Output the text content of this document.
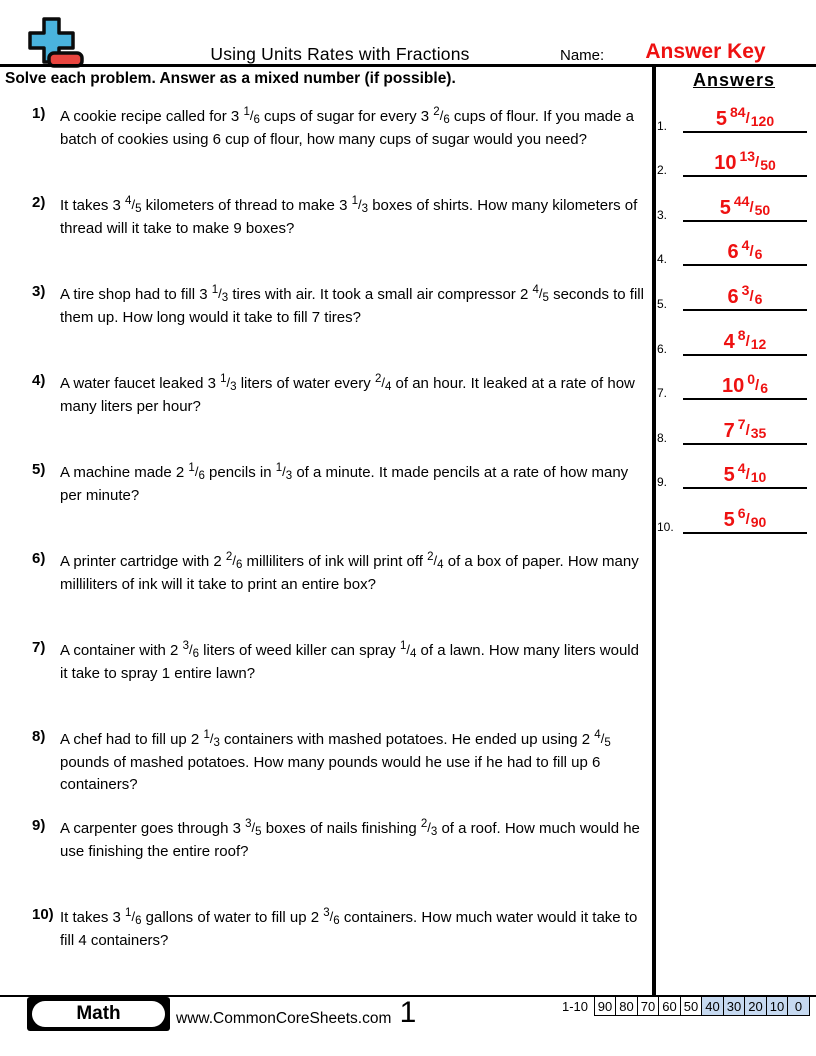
Using Units Rates with Fractions	Name:	Answer Key
Solve each problem. Answer as a mixed number (if possible).	Answers
1. 5 84 / 120
2. 10 13 / 50
3.	5 44 / 50
4.	6 4 / 6
5.	6 3 / 6
6.	4 8 / 12
7.	10 0 / 6
8.	7 7 / 35
9.	5 4 / 10
10. 5 6 / 90
1) A cookie recipe called for 3 $^1$/6 cups of sugar for every 3 $^2$/6 cups of flour. If you made a batch of cookies using 6 cup of flour, how many cups of sugar would you need?
2) It takes 3 $^4$/5 kilometers of thread to make 3 $^1$/3 boxes of shirts. How many kilometers of thread will it take to make 9 boxes?
3) A tire shop had to fill 3 $^1$/3 tires with air. It took a small air compressor 2 $^4$/5 seconds to fill them up. How long would it take to fill 7 tires?
4) A water faucet leaked 3 $^1$/3 liters of water every $^2$/4 of an hour. It leaked at a rate of how many liters per hour?
5) A machine made 2 $^1$/6 pencils in $^1$/3 of a minute. It made pencils at a rate of how many per minute?
6) A printer cartridge with 2 $^2$/6 milliliters of ink will print off $^2$/4 of a box of paper. How many milliliters of ink will it take to print an entire box?
7) A container with 2 $^3$/6 liters of weed killer can spray $^1$/4 of a lawn. How many liters would it take to spray 1 entire lawn?
8) A chef had to fill up 2 $^1$/3 containers with mashed potatoes. He ended up using 2 $^4$/5 pounds of mashed potatoes. How many pounds would he use if he had to fill up 6 containers?
9) A carpenter goes through 3 $^3$/5 boxes of nails finishing $^2$/3 of a roof. How much would he use finishing the entire roof?
10) It takes 3 $^1$/6 gallons of water to fill up 2 $^3$/6 containers. How much water would it take to fill 4 containers?
Math	www.CommonCoreSheets.com 1	1-10 90 80 70 60 50 40 30 20 10 0
